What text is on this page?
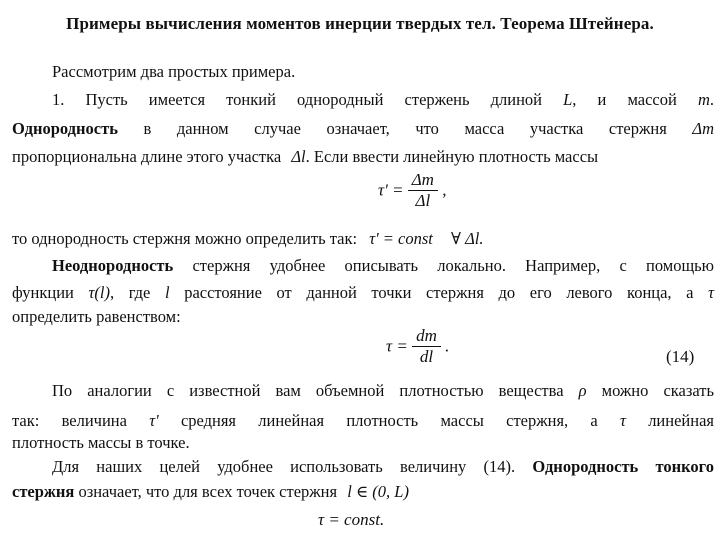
Примеры вычисления моментов инерции твердых тел. Теорема Штейнера.
Рассмотрим два простых примера.
1. Пусть имеется тонкий однородный стержень длиной L, и массой m.
Однородность в данном случае означает, что масса участка стержня Δm
пропорциональна длине этого участка Δl. Если ввести линейную плотность массы
$\tau' = \frac{\Delta m}{\Delta l}$ ,
то однородность стержня можно определить так: τ' = const ∀ Δl.
Неоднородность стержня удобнее описывать локально. Например, с помощью
функции τ(l), где l расстояние от данной точки стержня до его левого конца, а τ
определить равенством:
$\tau = \frac{dm}{dl}$ .
(14)
По аналогии с известной вам объемной плотностью вещества ρ можно сказать
так: величина τ' средняя линейная плотность массы стержня, а τ линейная
плотность массы в точке.
Для наших целей удобнее использовать величину (14). Однородность тонкого
стержня означает, что для всех точек стержня l ∈ (0, L)
τ = const.
